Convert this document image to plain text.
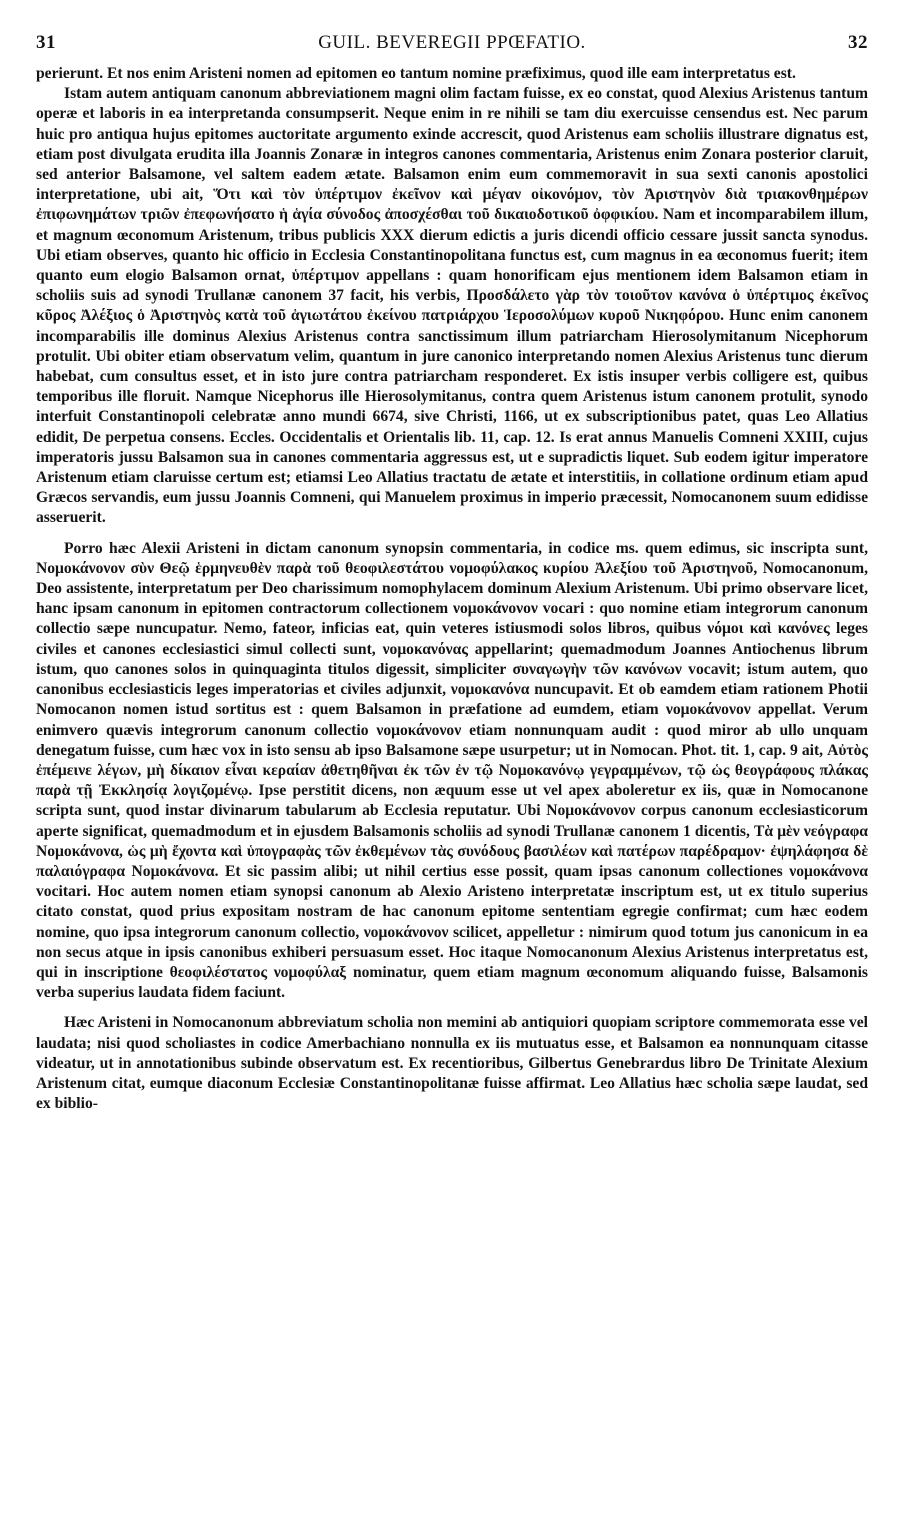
31	GUIL. BEVEREGII PPŒFATIO.	32

perierunt. Et nos enim Aristeni nomen ad epitomen eo tantum nomine præfiximus, quod ille eam interpretatus est.

Istam autem antiquam canonum abbreviationem magni olim factam fuisse, ex eo constat, quod Alexius Aristenus tantum operæ et laboris in ea interpretanda consumpserit. Neque enim in re nihili se tam diu exercuisse censendus est. Nec parum huic pro antiqua hujus epitomes auctoritate argumento exinde accrescit, quod Aristenus eam scholiis illustrare dignatus est, etiam post divulgata erudita illa Joannis Zonaræ in integros canones commentaria, Aristenus enim Zonara posterior claruit, sed anterior Balsamone, vel saltem eadem ætate. Balsamon enim eum commemoravit in sua sexti canonis apostolici interpretatione, ubi ait, Ὅτι καὶ τὸν ὑπέρτιμον ἐκεῖνον καὶ μέγαν οἰκονόμον, τὸν Ἀριστηνὸν διὰ τριακονθημέρων ἐπιφωνημάτων τριῶν ἐπεφωνήσατο ἡ ἁγία σύνοδος ἀποσχέσθαι τοῦ δικαιοδοτικοῦ ὀφφικίου. Nam et incomparabilem illum, et magnum œconomum Aristenum, tribus publicis XXX dierum edictis a juris dicendi officio cessare jussit sancta synodus. Ubi etiam observes, quanto hic officio in Ecclesia Constantinopolitana functus est, cum magnus in ea œconomus fuerit; item quanto eum elogio Balsamon ornat, ὑπέρτιμον appellans : quam honorificam ejus mentionem idem Balsamon etiam in scholiis suis ad synodi Trullanæ canonem 37 facit, his verbis, Προσδάλετο γὰρ τὸν τοιοῦτον κανόνα ὁ ὑπέρτιμος ἐκεῖνος κῦρος Ἀλέξιος ὁ Ἀριστηνὸς κατὰ τοῦ ἁγιωτάτου ἐκείνου πατριάρχου Ἱεροσολύμων κυροῦ Νικηφόρου. Hunc enim canonem incomparabilis ille dominus Alexius Aristenus contra sanctissimum illum patriarcham Hierosolymitanum Nicephorum protulit. Ubi obiter etiam observatum velim, quantum in jure canonico interpretando nomen Alexius Aristenus tunc dierum habebat, cum consultus esset, et in isto jure contra patriarcham responderet. Ex istis insuper verbis colligere est, quibus temporibus ille floruit. Namque Nicephorus ille Hierosolymitanus, contra quem Aristenus istum canonem protulit, synodo interfuit Constantinopoli celebratæ anno mundi 6674, sive Christi, 1166, ut ex subscriptionibus patet, quas Leo Allatius edidit, De perpetua consens. Eccles. Occidentalis et Orientalis lib. 11, cap. 12. Is erat annus Manuelis Comneni XXIII, cujus imperatoris jussu Balsamon sua in canones commentaria aggressus est, ut e supradictis liquet. Sub eodem igitur imperatore Aristenum etiam claruisse certum est; etiamsi Leo Allatius tractatu de ætate et interstitiis, in collatione ordinum etiam apud Græcos servandis, eum jussu Joannis Comneni, qui Manuelem proximus in imperio præcessit, Nomocanonem suum edidisse asseruerit.

Porro hæc Alexii Aristeni in dictam canonum synopsin commentaria, in codice ms. quem edimus, sic inscripta sunt, Νομοκάνονον σὺν Θεῷ ἑρμηνευθὲν παρὰ τοῦ θεοφιλεστάτου νομοφύλακος κυρίου Ἀλεξίου τοῦ Ἀριστηνοῦ, Nomocanonum, Deo assistente, interpretatum per Deo charissimum nomophylacem dominum Alexium Aristenum. Ubi primo observare licet, hanc ipsam canonum in epitomen contractorum collectionem νομοκάνονον vocari : quo nomine etiam integrorum canonum collectio sæpe nuncupatur. Nemo, fateor, inficias eat, quin veteres istiusmodi solos libros, quibus νόμοι καὶ κανόνες leges civiles et canones ecclesiastici simul collecti sunt, νομοκανόνας appellarint; quemadmodum Joannes Antiochenus librum istum, quo canones solos in quinquaginta titulos digessit, simpliciter συναγωγὴν τῶν κανόνων vocavit; istum autem, quo canonibus ecclesiasticis leges imperatorias et civiles adjunxit, νομοκανόνα nuncupavit. Et ob eamdem etiam rationem Photii Nomocanon nomen istud sortitus est : quem Balsamon in præfatione ad eumdem, etiam νομοκάνονον appellat. Verum enimvero quævis integrorum canonum collectio νομοκάνονον etiam nonnunquam audit : quod miror ab ullo unquam denegatum fuisse, cum hæc vox in isto sensu ab ipso Balsamone sæpe usurpetur; ut in Nomocan. Phot. tit. 1, cap. 9 ait, Αὐτὸς ἐπέμεινε λέγων, μὴ δίκαιον εἶναι κεραίαν ἀθετηθῆναι ἐκ τῶν ἐν τῷ Νομοκανόνῳ γεγραμμένων, τῷ ὡς θεογράφους πλάκας παρὰ τῇ Ἐκκλησίᾳ λογιζομένῳ. Ipse perstitit dicens, non æquum esse ut vel apex aboleretur ex iis, quæ in Nomocanone scripta sunt, quod instar divinarum tabularum ab Ecclesia reputatur. Ubi Νομοκάνονον corpus canonum ecclesiasticorum aperte significat, quemadmodum et in ejusdem Balsamonis scholiis ad synodi Trullanæ canonem 1 dicentis, Τὰ μὲν νεόγραφα Νομοκάνονα, ὡς μὴ ἔχοντα καὶ ὑπογραφὰς τῶν ἐκθεμένων τὰς συνόδους βασιλέων καὶ πατέρων παρέδραμον· ἐψηλάφησα δὲ παλαιόγραφα Νομοκάνονα. Et sic passim alibi; ut nihil certius esse possit, quam ipsas canonum collectiones νομοκάνονα vocitari. Hoc autem nomen etiam synopsi canonum ab Alexio Aristeno interpretatæ inscriptum est, ut ex titulo superius citato constat, quod prius expositam nostram de hac canonum epitome sententiam egregie confirmat; cum hæc eodem nomine, quo ipsa integrorum canonum collectio, νομοκάνονον scilicet, appelletur : nimirum quod totum jus canonicum in ea non secus atque in ipsis canonibus exhiberi persuasum esset. Hoc itaque Nomocanonum Alexius Aristenus interpretatus est, qui in inscriptione θεοφιλέστατος νομοφύλαξ nominatur, quem etiam magnum œconomum aliquando fuisse, Balsamonis verba superius laudata fidem faciunt.

Hæc Aristeni in Nomocanonum abbreviatum scholia non memini ab antiquiori quopiam scriptore commemorata esse vel laudata; nisi quod scholiastes in codice Amerbachiano nonnulla ex iis mutuatus esse, et Balsamon ea nonnunquam citasse videatur, ut in annotationibus subinde observatum est. Ex recentioribus, Gilbertus Genebrardus libro De Trinitate Alexium Aristenum citat, eumque diaconum Ecclesiæ Constantinopolitanæ fuisse affirmat. Leo Allatius hæc scholia sæpe laudat, sed ex biblio-
